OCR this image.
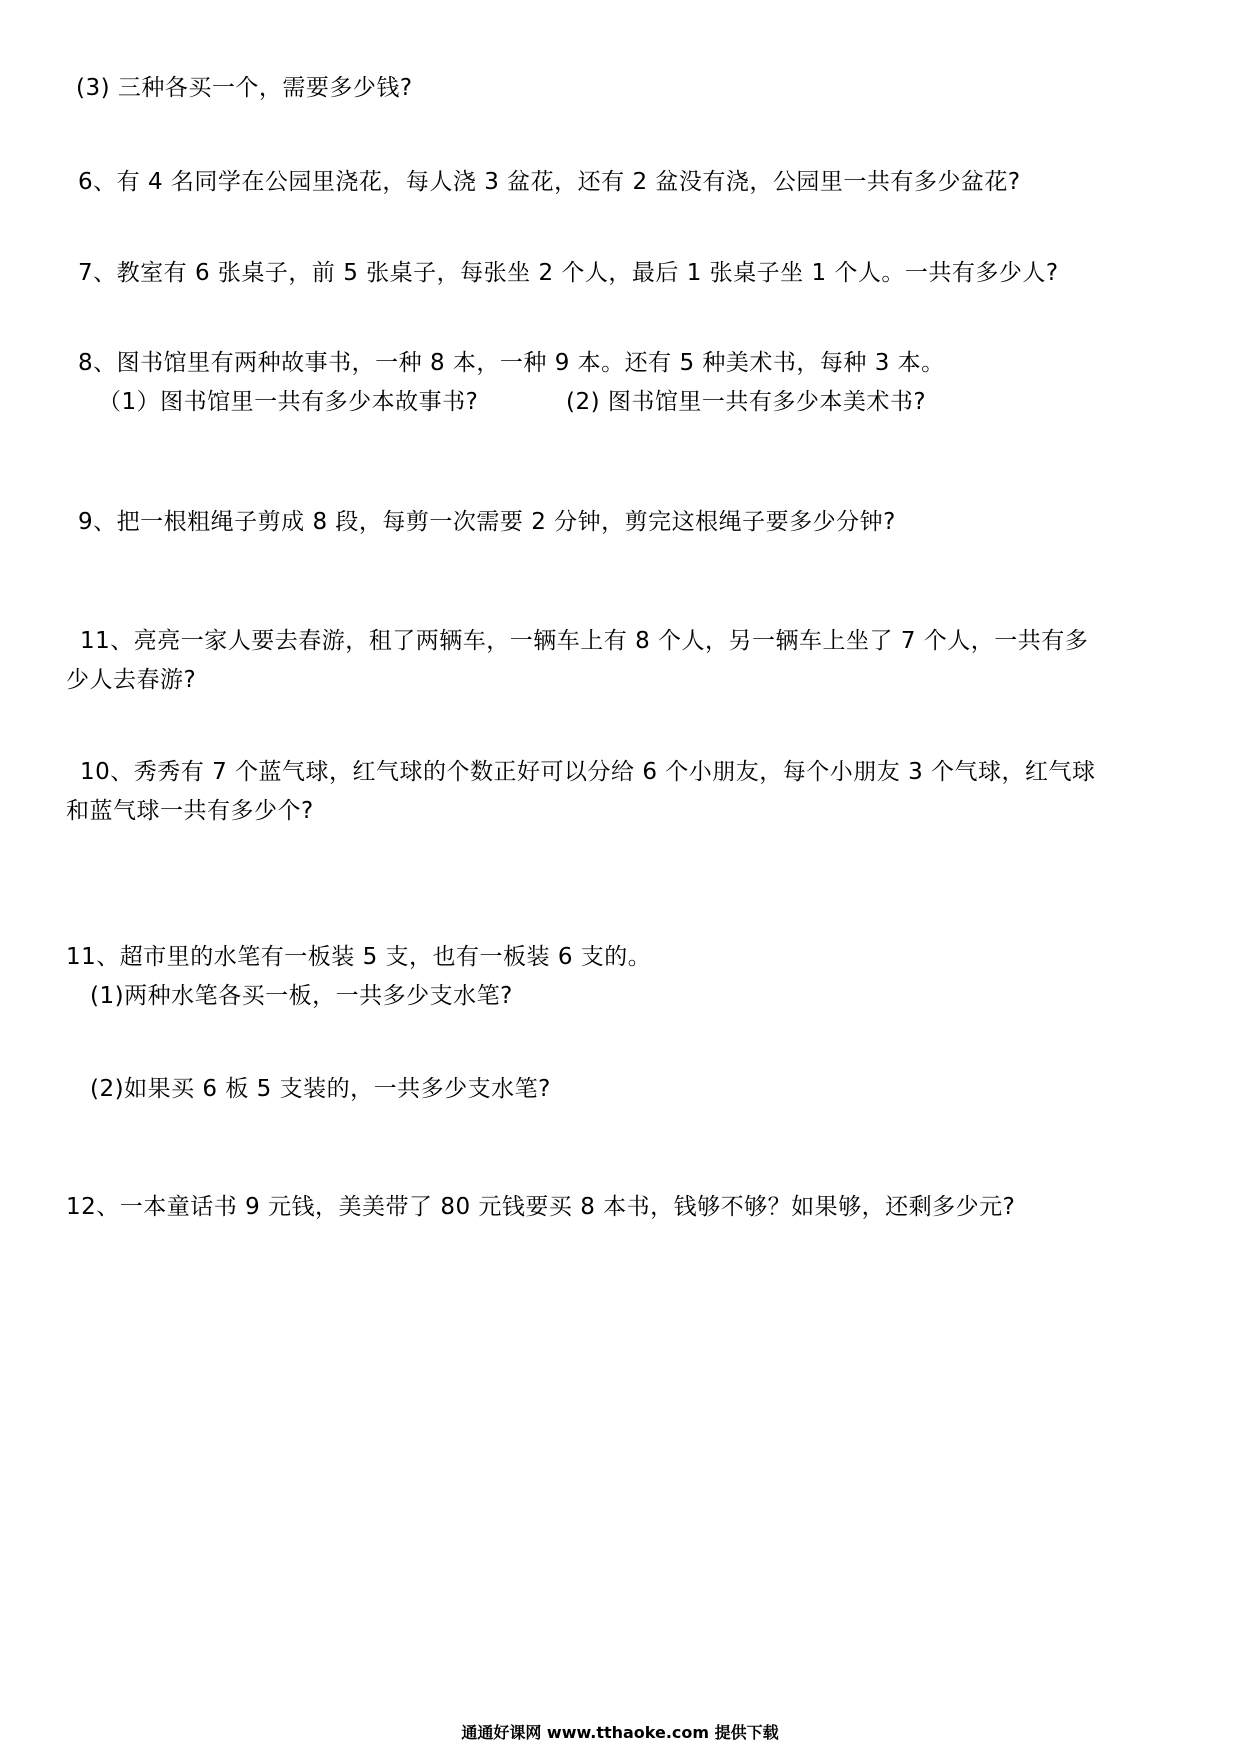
(3) 三种各买一个，需要多少钱?
6、有 4 名同学在公园里浇花，每人浇 3 盆花，还有 2 盆没有浇，公园里一共有多少盆花?
7、教室有 6 张桌子，前 5 张桌子，每张坐 2 个人，最后 1 张桌子坐 1 个人。一共有多少人?
8、图书馆里有两种故事书，一种 8 本，一种 9 本。还有 5 种美术书，每种 3 本。
（1）图书馆里一共有多少本故事书?	(2) 图书馆里一共有多少本美术书?
9、把一根粗绳子剪成 8 段，每剪一次需要 2 分钟，剪完这根绳子要多少分钟?
11、亮亮一家人要去春游，租了两辆车，一辆车上有 8 个人，另一辆车上坐了 7 个人，一共有多
少人去春游?
10、秀秀有 7 个蓝气球，红气球的个数正好可以分给 6 个小朋友，每个小朋友 3 个气球，红气球
和蓝气球一共有多少个?
11、超市里的水笔有一板装 5 支，也有一板装 6 支的。
(1)两种水笔各买一板，一共多少支水笔?
(2)如果买 6 板 5 支装的，一共多少支水笔?
12、一本童话书 9 元钱，美美带了 80 元钱要买 8 本书，钱够不够？如果够，还剩多少元?
通通好课网 www.tthaoke.com 提供下载
